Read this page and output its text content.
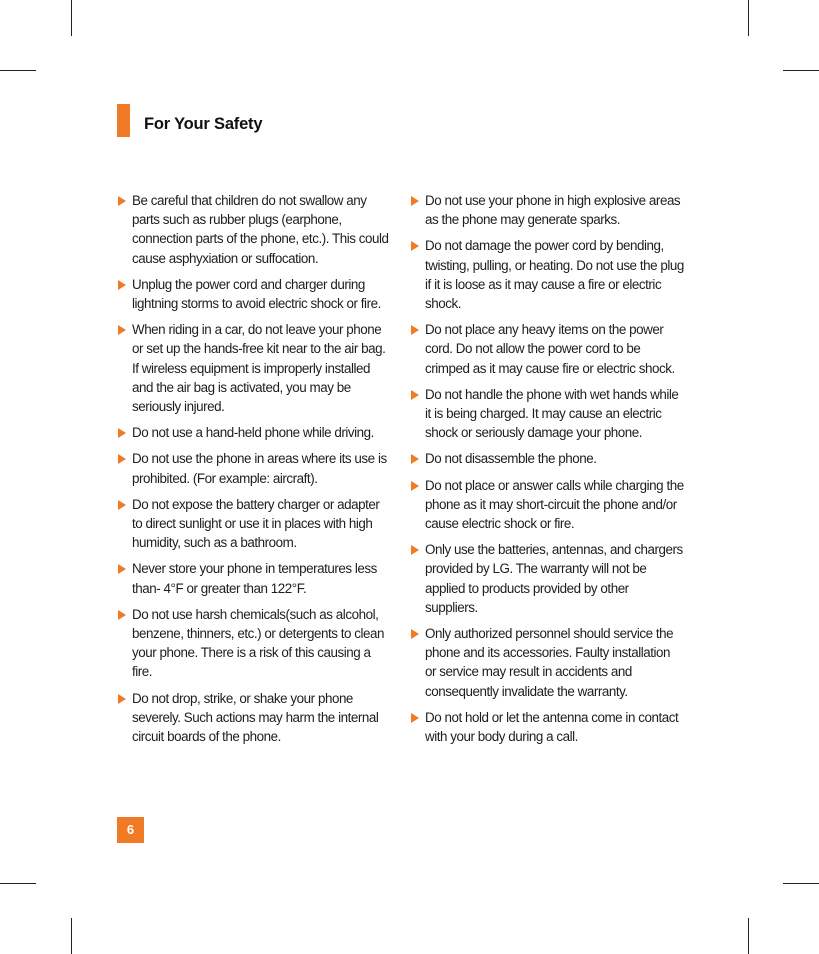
For Your Safety
Be careful that children do not swallow any parts such as rubber plugs (earphone, connection parts of the phone, etc.). This could cause asphyxiation or suffocation.
Unplug the power cord and charger during lightning storms to avoid electric shock or fire.
When riding in a car, do not leave your phone or set up the hands-free kit near to the air bag. If wireless equipment is improperly installed and the air bag is activated, you may be seriously injured.
Do not use a hand-held phone while driving.
Do not use the phone in areas where its use is prohibited. (For example: aircraft).
Do not expose the battery charger or adapter to direct sunlight or use it in places with high humidity, such as a bathroom.
Never store your phone in temperatures less than- 4°F or greater than 122°F.
Do not use harsh chemicals(such as alcohol, benzene, thinners, etc.) or detergents to clean your phone. There is a risk of this causing a fire.
Do not drop, strike, or shake your phone severely. Such actions may harm the internal circuit boards of the phone.
Do not use your phone in high explosive areas as the phone may generate sparks.
Do not damage the power cord by bending, twisting, pulling, or heating. Do not use the plug if it is loose as it may cause a fire or electric shock.
Do not place any heavy items on the power cord. Do not allow the power cord to be crimped as it may cause fire or electric shock.
Do not handle the phone with wet hands while it is being charged. It may cause an electric shock or seriously damage your phone.
Do not disassemble the phone.
Do not place or answer calls while charging the phone as it may short-circuit the phone and/or cause electric shock or fire.
Only use the batteries, antennas, and chargers provided by LG. The warranty will not be applied to products provided by other suppliers.
Only authorized personnel should service the phone and its accessories. Faulty installation or service may result in accidents and consequently invalidate the warranty.
Do not hold or let the antenna come in contact with your body during a call.
6
